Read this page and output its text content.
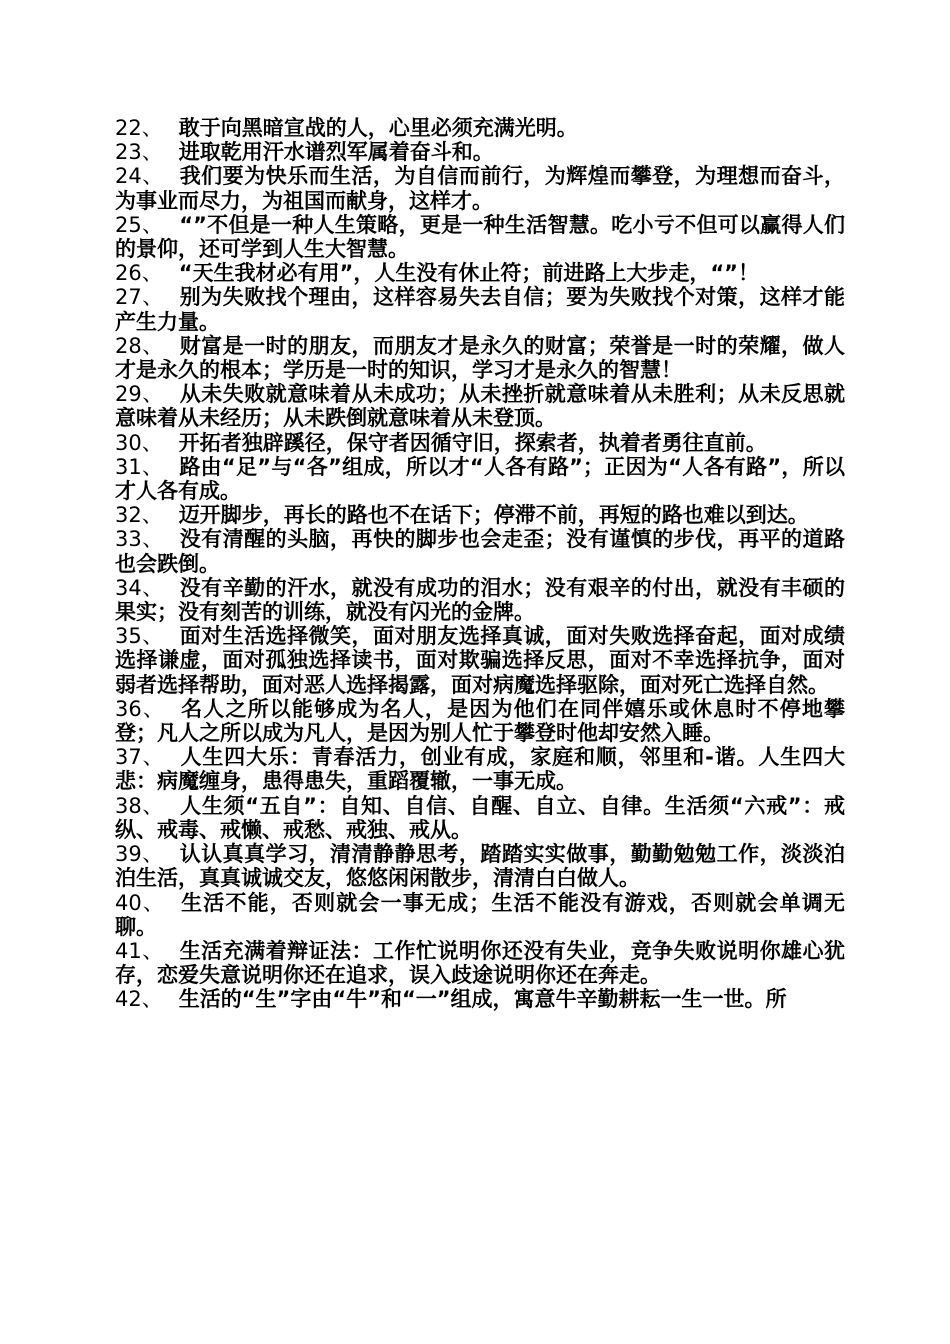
22、 敢于向黑暗宣战的人，心里必须充满光明。

23、 进取乾用汗水谱烈军属着奋斗和。

24、 我们要为快乐而生活，为自信而前行，为辉煌而攀登，为理想而奋斗，为事业而尽力，为祖国而献身，这样才。

25、 “”不但是一种人生策略，更是一种生活智慧。吃小亏不但可以赢得人们的景仰，还可学到人生大智慧。

26、 “天生我材必有用”，人生没有休止符；前进路上大步走，“”！

27、 别为失败找个理由，这样容易失去自信；要为失败找个对策，这样才能产生力量。

28、 财富是一时的朋友，而朋友才是永久的财富；荣誉是一时的荣耀，做人才是永久的根本；学历是一时的知识，学习才是永久的智慧！

29、 从未失败就意味着从未成功；从未挫折就意味着从未胜利；从未反思就意味着从未经历；从未跌倒就意味着从未登顶。

30、 开拓者独辟蹊径，保守者因循守旧，探索者，执着者勇往直前。

31、 路由“足”与“各”组成，所以才“人各有路”；正因为“人各有路”，所以才人各有成。

32、 迈开脚步，再长的路也不在话下；停滞不前，再短的路也难以到达。

33、 没有清醒的头脑，再快的脚步也会走歪；没有谨慎的步伐，再平的道路也会跌倒。

34、 没有辛勤的汗水，就没有成功的泪水；没有艰辛的付出，就没有丰硕的果实；没有刻苦的训练，就没有闪光的金牌。

35、 面对生活选择微笑，面对朋友选择真诚，面对失败选择奋起，面对成绩选择谦虚，面对孤独选择读书，面对欺骗选择反思，面对不幸选择抗争，面对弱者选择帮助，面对恶人选择揭露，面对病魔选择驱除，面对死亡选择自然。

36、 名人之所以能够成为名人，是因为他们在同伴嬉乐或休息时不停地攀登；凡人之所以成为凡人，是因为别人忙于攀登时他却安然入睡。

37、 人生四大乐：青春活力，创业有成，家庭和顺，邻里和-谐。人生四大悲：病魔缠身，患得患失，重蹈覆辙，一事无成。

38、 人生须“五自”：自知、自信、自醒、自立、自律。生活须“六戒”：戒纵、戒毒、戒懒、戒愁、戒独、戒从。

39、 认认真真学习，清清静静思考，踏踏实实做事，勤勤勉勉工作，淡淡泊泊生活，真真诚诚交友，悠悠闲闲散步，清清白白做人。

40、 生活不能，否则就会一事无成；生活不能没有游戏，否则就会单调无聊。

41、 生活充满着辩证法：工作忙说明你还没有失业，竞争失败说明你雄心犹存，恋爱失意说明你还在追求，误入歧途说明你还在奔走。

42、 生活的“生”字由“牛”和“一”组成，寓意牛辛勤耕耘一生一世。所
